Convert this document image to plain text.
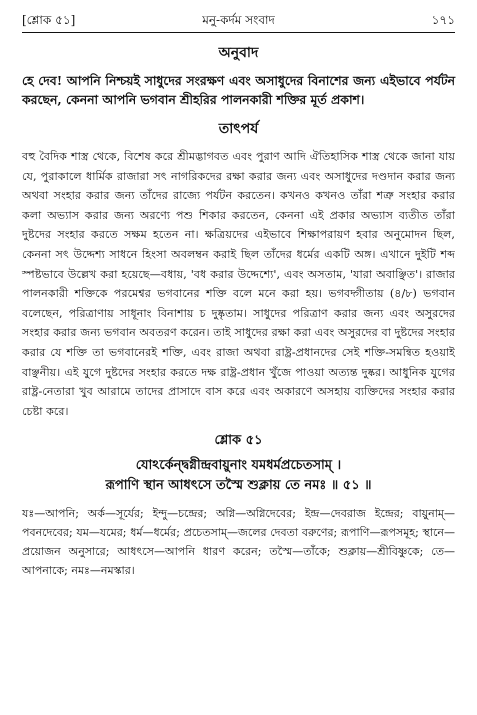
[শ্লোক ৫১]	মনু-কর্দম সংবাদ	১৭১
অনুবাদ

হে দেব! আপনি নিশ্চয়ই সাধুদের সংরক্ষণ এবং অসাধুদের বিনাশের জন্য এইভাবে পর্যটন করছেন, কেননা আপনি ভগবান শ্রীহরির পালনকারী শক্তির মূর্ত প্রকাশ।

তাৎপর্য

বহু বৈদিক শাস্ত্র থেকে, বিশেষ করে শ্রীমদ্ভাগবত এবং পুরাণ আদি ঐতিহাসিক শাস্ত্র থেকে জানা যায় যে, পুরাকালে ধার্মিক রাজারা সৎ নাগরিকদের রক্ষা করার জন্য এবং অসাধুদের দণ্ডদান করার জন্য অথবা সংহার করার জন্য তাঁদের রাজ্যে পর্যটন করতেন। কখনও কখনও তাঁরা শত্রু সংহার করার কলা অভ্যাস করার জন্য অরণ্যে পশু শিকার করতেন, কেননা এই প্রকার অভ্যাস ব্যতীত তাঁরা দুষ্টদের সংহার করতে সক্ষম হতেন না। ক্ষত্রিয়দের এইভাবে শিক্ষাপরায়ণ হবার অনুমোদন ছিল, কেননা সৎ উদ্দেশ্য সাধনে হিংসা অবলম্বন করাই ছিল তাঁদের ধর্মের একটি অঙ্গ। এখানে দুইটি শব্দ স্পষ্টভাবে উল্লেখ করা হয়েছে—বধায়, 'বধ করার উদ্দেশ্যে', এবং অসতাম, 'যারা অবাঞ্ছিত'। রাজার পালনকারী শক্তিকে পরমেশ্বর ভগবানের শক্তি বলে মনে করা হয়। ভগবদ্গীতায় (৪/৮) ভগবান বলেছেন, পরিত্রাণায় সাধূনাং বিনাশায় চ দুষ্কৃতাম। সাধুদের পরিত্রাণ করার জন্য এবং অসুরদের সংহার করার জন্য ভগবান অবতরণ করেন। তাই সাধুদের রক্ষা করা এবং অসুরদের বা দুষ্টদের সংহার করার যে শক্তি তা ভগবানেরই শক্তি, এবং রাজা অথবা রাষ্ট্র-প্রধানদের সেই শক্তি-সমন্বিত হওয়াই বাঞ্ছনীয়। এই যুগে দুষ্টদের সংহার করতে দক্ষ রাষ্ট্র-প্রধান খুঁজে পাওয়া অত্যন্ত দুষ্কর। আধুনিক যুগের রাষ্ট্র-নেতারা খুব আরামে তাদের প্রাসাদে বাস করে এবং অকারণে অসহায় ব্যক্তিদের সংহার করার চেষ্টা করে।

শ্লোক ৫১

যোঽর্কেন্দ্বগ্নীন্দ্রবায়ুনাং যমধর্মপ্রচেতসাম্ ।

রূপাণি স্থান আধৎসে তস্মৈ শুক্লায় তে নমঃ ॥ ৫১ ॥

যঃ—আপনি; অর্ক—সূর্যের; ইন্দু—চন্দ্রের; অগ্নি—অগ্নিদেবের; ইন্দ্র—দেবরাজ ইন্দ্রের; বায়ুনাম্—পবনদেবের; যম—যমের; ধর্ম—ধর্মের; প্রচেতসাম্—জলের দেবতা বরুণের; রূপাণি—রূপসমূহ; স্থানে—প্রয়োজন অনুসারে; আধৎসে—আপনি ধারণ করেন; তস্মৈ—তাঁকে; শুক্লায়—শ্রীবিষ্ণুকে; তে—আপনাকে; নমঃ—নমস্কার।
